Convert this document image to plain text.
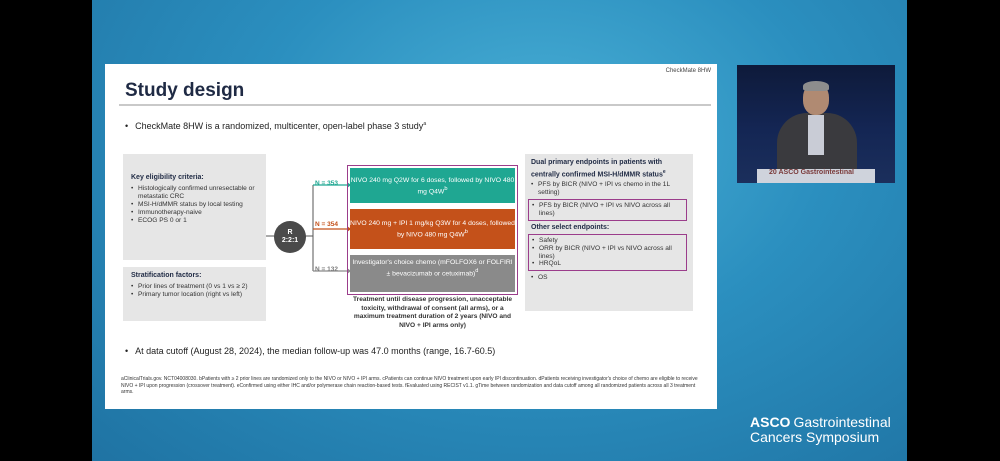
CheckMate 8HW
Study design
• CheckMate 8HW is a randomized, multicenter, open-label phase 3 study$^a$
Key eligibility criteria:
• Histologically confirmed unresectable or metastatic CRC
• MSI-H/dMMR status by local testing
• Immunotherapy-naive
• ECOG PS 0 or 1
Stratification factors:
• Prior lines of treatment (0 vs 1 vs ≥ 2)
• Primary tumor location (right vs left)
R
2:2:1
N = 353
N = 354
N = 132
NIVO 240 mg Q2W for 6 doses, followed by NIVO 480 mg $Q4W^b$
NIVO 240 mg + IPI 1 mg/kg Q3W for 4 doses, followed by NIVO 480 mg $Q4W^b$
Investigator's choice chemo (mFOLFOX6 or FOLFIRI ± bevacizumab or cetuximab)$^d$
Treatment until disease progression, unacceptable toxicity, withdrawal of consent (all arms), or a maximum treatment duration of 2 years (NIVO and NIVO + IPI arms only)
Dual primary endpoints in patients with centrally confirmed MSI-H/dMMR status$^e$
• PFS by BICR (NIVO + IPI vs chemo in the 1L setting)
• PFS by BICR (NIVO + IPI vs NIVO across all lines)
Other select endpoints:
• Safety
• ORR by BICR (NIVO + IPI vs NIVO across all lines)
• HRQoL
• OS
• At data cutoff (August 28, 2024), the median follow-up was 47.0 months (range, 16.7-60.5)
aClinicalTrials.gov. NCT04008030. bPatients with ≥ 2 prior lines are randomized only to the NIVO or NIVO + IPI arms. cPatients can continue NIVO treatment upon early IPI discontinuation. dPatients receiving investigator's choice of chemo are eligible to receive NIVO + IPI upon progression (crossover treatment). eConfirmed using either IHC and/or polymerase chain reaction-based tests. fEvaluated using RECIST v1.1. gTime between randomization and data cutoff among all randomized patients across all 3 treatment arms.
20 ASCO Gastrointestinal
ASCO Gastrointestinal
Cancers Symposium
